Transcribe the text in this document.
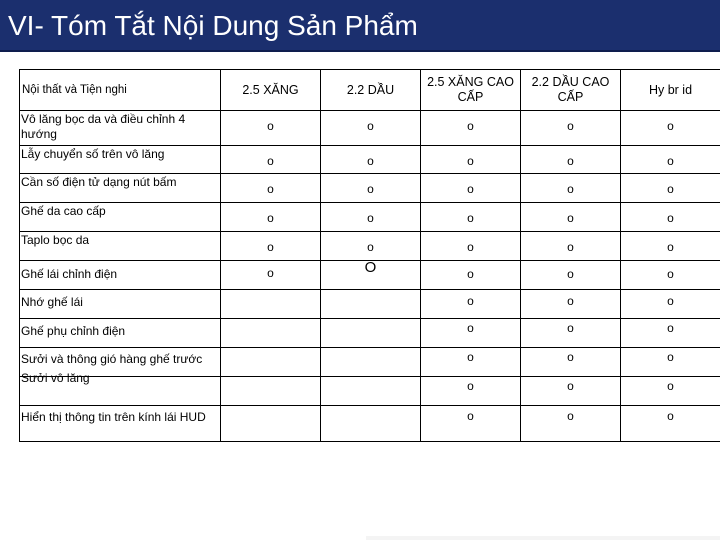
VI- Tóm Tắt Nội Dung Sản Phẩm
Nội thất và Tiện nghi	2.5 XĂNG	2.2 DẦU	2.5 XĂNG CAO CẤP	2.2 DẦU CAO CẤP	Hy br id
Vô lăng bọc da và điều chỉnh 4 hướng	o	o	o	o	o
Lẫy chuyển số trên vô lăng	o	o	o	o	o
Cần số điện tử dạng nút bấm	o	o	o	o	o
Ghế da cao cấp	o	o	o	o	o
Taplo bọc da	o	o	o	o	o
Ghế lái chỉnh điện	o	O	o	o	o
Nhớ ghế lái			o	o	o
Ghế phụ chỉnh điện			o	o	o
Sưởi và thông gió hàng ghế trước			o	o	o
Sưởi vô lăng			o	o	o
Hiển thị thông tin trên kính lái HUD			o	o	o
